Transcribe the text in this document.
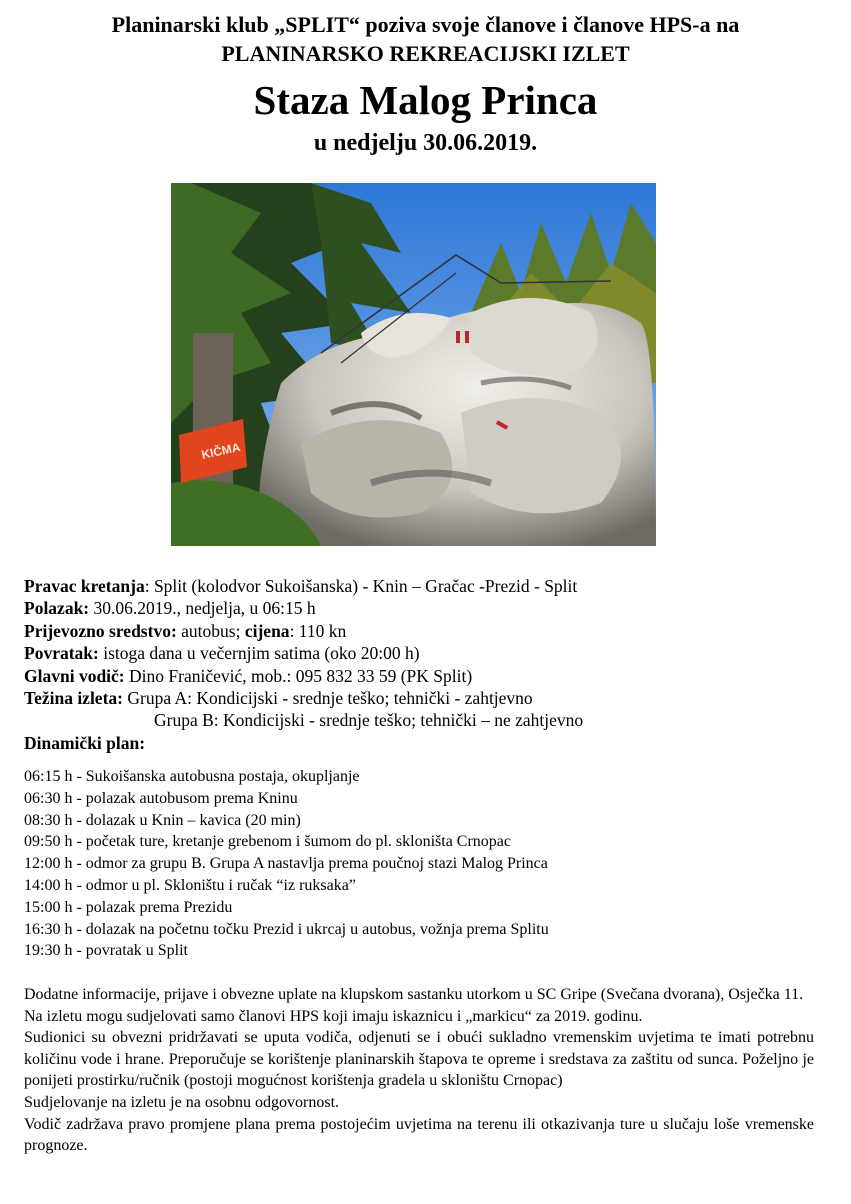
Planinarski klub „SPLIT“ poziva svoje članove i članove HPS-a na
PLANINARSKO REKREACIJSKI IZLET
Staza Malog Princa
u nedjelju 30.06.2019.
KIČMA
Pravac kretanja: Split (kolodvor Sukoišanska) - Knin – Gračac -Prezid - Split
Polazak: 30.06.2019., nedjelja, u 06:15 h
Prijevozno sredstvo: autobus; cijena: 110 kn
Povratak: istoga dana u večernjim satima (oko 20:00 h)
Glavni vodič: Dino Franičević, mob.: 095 832 33 59 (PK Split)
Težina izleta: Grupa A: Kondicijski - srednje teško; tehnički - zahtjevno
Grupa B: Kondicijski - srednje teško; tehnički – ne zahtjevno
Dinamički plan:
06:15 h - Sukoišanska autobusna postaja, okupljanje
06:30 h - polazak autobusom prema Kninu
08:30 h - dolazak u Knin – kavica (20 min)
09:50 h - početak ture, kretanje grebenom i šumom do pl. skloništa Crnopac
12:00 h - odmor za grupu B. Grupa A nastavlja prema poučnoj stazi Malog Princa
14:00 h - odmor u pl. Skloništu i ručak “iz ruksaka”
15:00 h - polazak prema Prezidu
16:30 h - dolazak na početnu točku Prezid i ukrcaj u autobus, vožnja prema Splitu
19:30 h - povratak u Split

Dodatne informacije, prijave i obvezne uplate na klupskom sastanku utorkom u SC Gripe (Svečana dvorana), Osječka 11.

Na izletu mogu sudjelovati samo članovi HPS koji imaju iskaznicu i „markicu“ za 2019. godinu.

Sudionici su obvezni pridržavati se uputa vodiča, odjenuti se i obući sukladno vremenskim uvjetima te imati potrebnu količinu vode i hrane. Preporučuje se korištenje planinarskih štapova te opreme i sredstava za zaštitu od sunca. Poželjno je ponijeti prostirku/ručnik (postoji mogućnost korištenja gradela u skloništu Crnopac)

Sudjelovanje na izletu je na osobnu odgovornost.

Vodič zadržava pravo promjene plana prema postojećim uvjetima na terenu ili otkazivanja ture u slučaju loše vremenske prognoze.
